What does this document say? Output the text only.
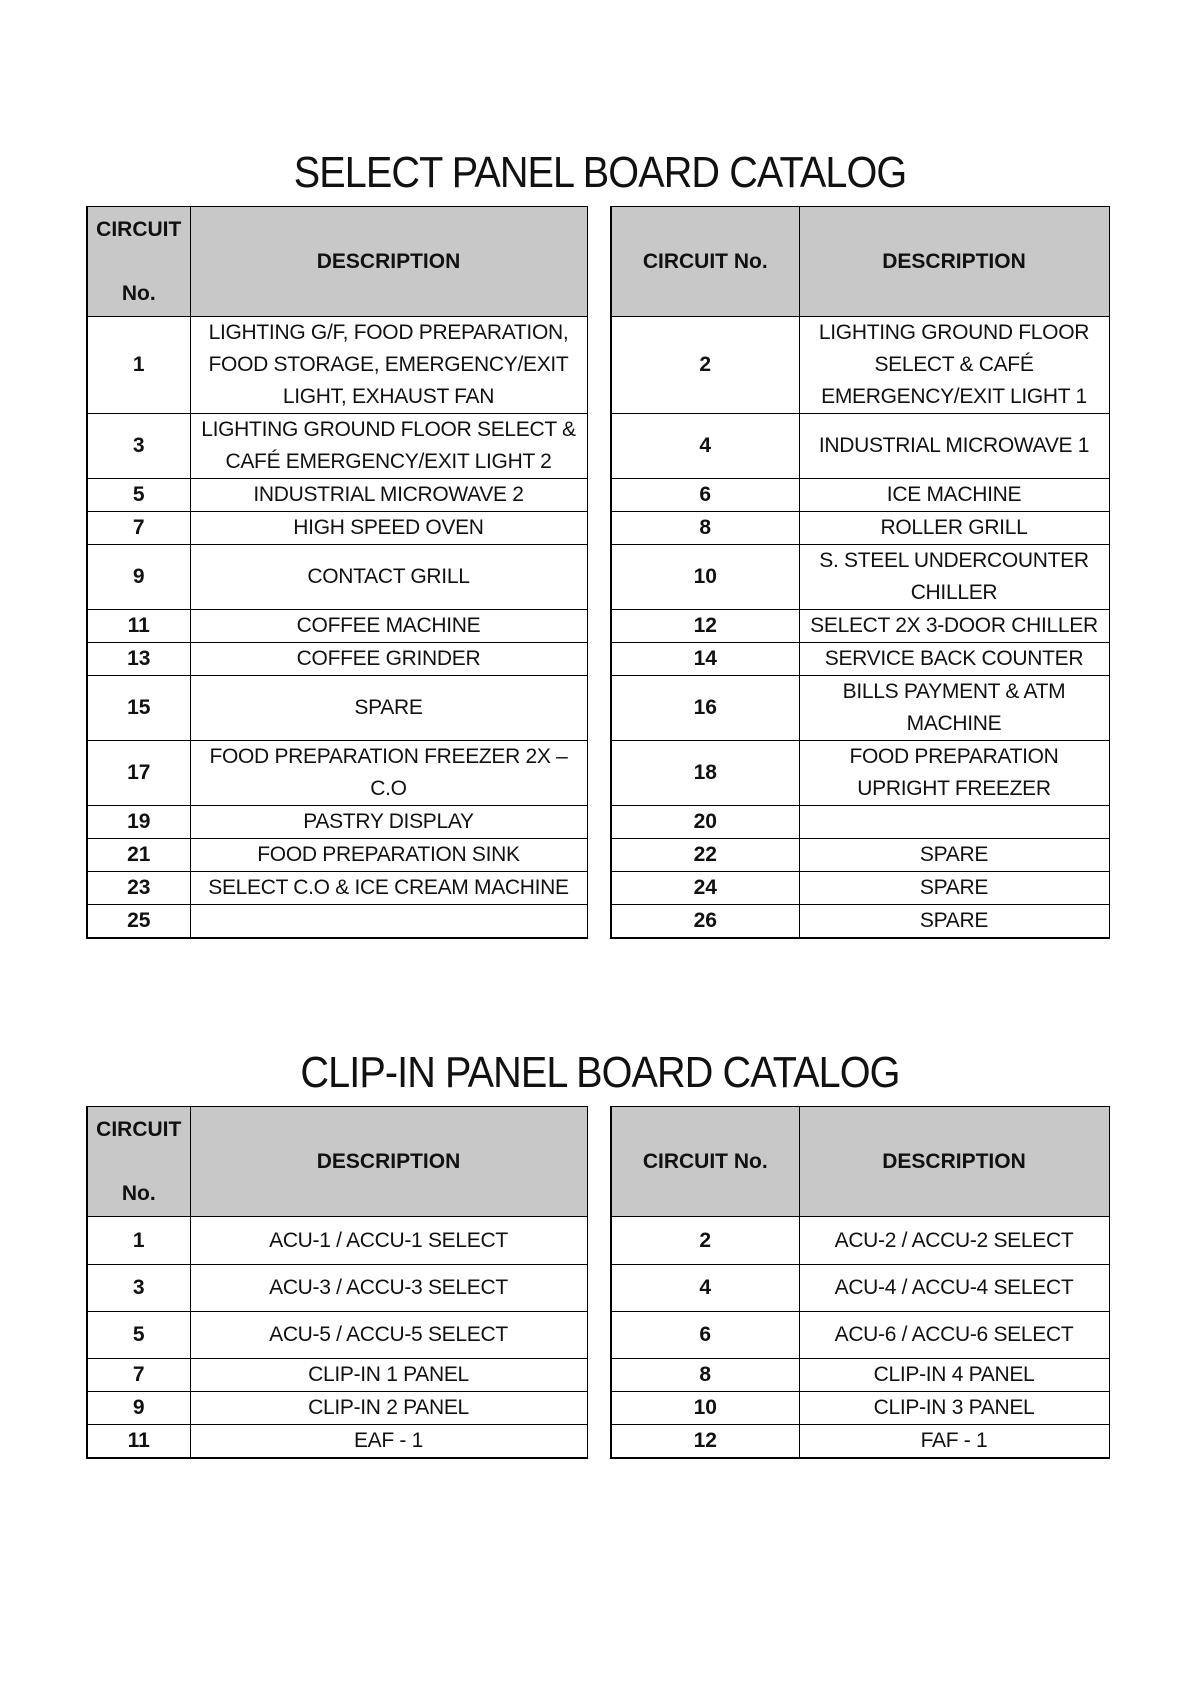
SELECT PANEL BOARD CATALOG
CIRCUIT

No.	DESCRIPTION
1	LIGHTING G/F, FOOD PREPARATION, FOOD STORAGE, EMERGENCY/EXIT LIGHT, EXHAUST FAN
3	LIGHTING GROUND FLOOR SELECT & CAFÉ EMERGENCY/EXIT LIGHT 2
5	INDUSTRIAL MICROWAVE 2
7	HIGH SPEED OVEN
9	CONTACT GRILL
11	COFFEE MACHINE
13	COFFEE GRINDER
15	SPARE
17	FOOD PREPARATION FREEZER 2X – C.O
19	PASTRY DISPLAY
21	FOOD PREPARATION SINK
23	SELECT C.O & ICE CREAM MACHINE
25	
CIRCUIT No.	DESCRIPTION
2	LIGHTING GROUND FLOOR SELECT & CAFÉ EMERGENCY/EXIT LIGHT 1
4	INDUSTRIAL MICROWAVE 1
6	ICE MACHINE
8	ROLLER GRILL
10	S. STEEL UNDERCOUNTER CHILLER
12	SELECT 2X 3-DOOR CHILLER
14	SERVICE BACK COUNTER
16	BILLS PAYMENT & ATM MACHINE
18	FOOD PREPARATION UPRIGHT FREEZER
20	
22	SPARE
24	SPARE
26	SPARE
CLIP-IN PANEL BOARD CATALOG
CIRCUIT

No.	DESCRIPTION
1	ACU-1 / ACCU-1 SELECT
3	ACU-3 / ACCU-3 SELECT
5	ACU-5 / ACCU-5 SELECT
7	CLIP-IN 1 PANEL
9	CLIP-IN 2 PANEL
11	EAF - 1
CIRCUIT No.	DESCRIPTION
2	ACU-2 / ACCU-2 SELECT
4	ACU-4 / ACCU-4 SELECT
6	ACU-6 / ACCU-6 SELECT
8	CLIP-IN 4 PANEL
10	CLIP-IN 3 PANEL
12	FAF - 1
